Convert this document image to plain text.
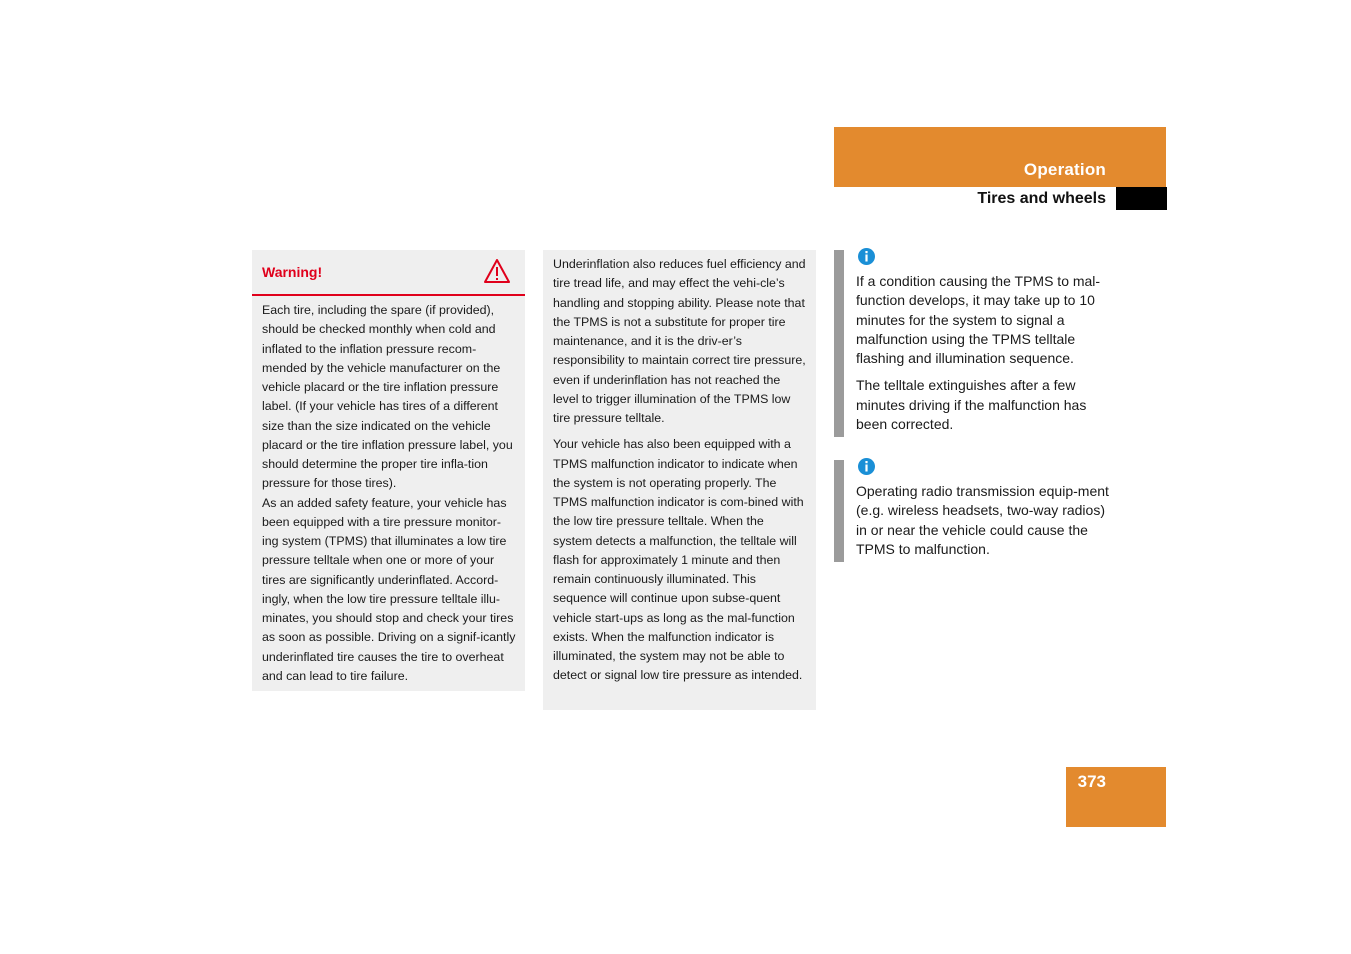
Operation
Tires and wheels
Warning!

Each tire, including the spare (if provided), should be checked monthly when cold and inflated to the inflation pressure recom-mended by the vehicle manufacturer on the vehicle placard or the tire inflation pressure label. (If your vehicle has tires of a different size than the size indicated on the vehicle placard or the tire inflation pressure label, you should determine the proper tire infla-tion pressure for those tires).

As an added safety feature, your vehicle has been equipped with a tire pressure monitor-ing system (TPMS) that illuminates a low tire pressure telltale when one or more of your tires are significantly underinflated. Accord-ingly, when the low tire pressure telltale illu-minates, you should stop and check your tires as soon as possible. Driving on a signif-icantly underinflated tire causes the tire to overheat and can lead to tire failure.

Underinflation also reduces fuel efficiency and tire tread life, and may effect the vehi-cle’s handling and stopping ability. Please note that the TPMS is not a substitute for proper tire maintenance, and it is the driv-er’s responsibility to maintain correct tire pressure, even if underinflation has not reached the level to trigger illumination of the TPMS low tire pressure telltale.

Your vehicle has also been equipped with a TPMS malfunction indicator to indicate when the system is not operating properly. The TPMS malfunction indicator is com-bined with the low tire pressure telltale. When the system detects a malfunction, the telltale will flash for approximately 1 minute and then remain continuously illuminated. This sequence will continue upon subse-quent vehicle start-ups as long as the mal-function exists. When the malfunction indicator is illuminated, the system may not be able to detect or signal low tire pressure as intended.

If a condition causing the TPMS to mal-function develops, it may take up to 10 minutes for the system to signal a malfunction using the TPMS telltale flashing and illumination sequence.

The telltale extinguishes after a few minutes driving if the malfunction has been corrected.

Operating radio transmission equip-ment (e.g. wireless headsets, two-way radios) in or near the vehicle could cause the TPMS to malfunction.

373
